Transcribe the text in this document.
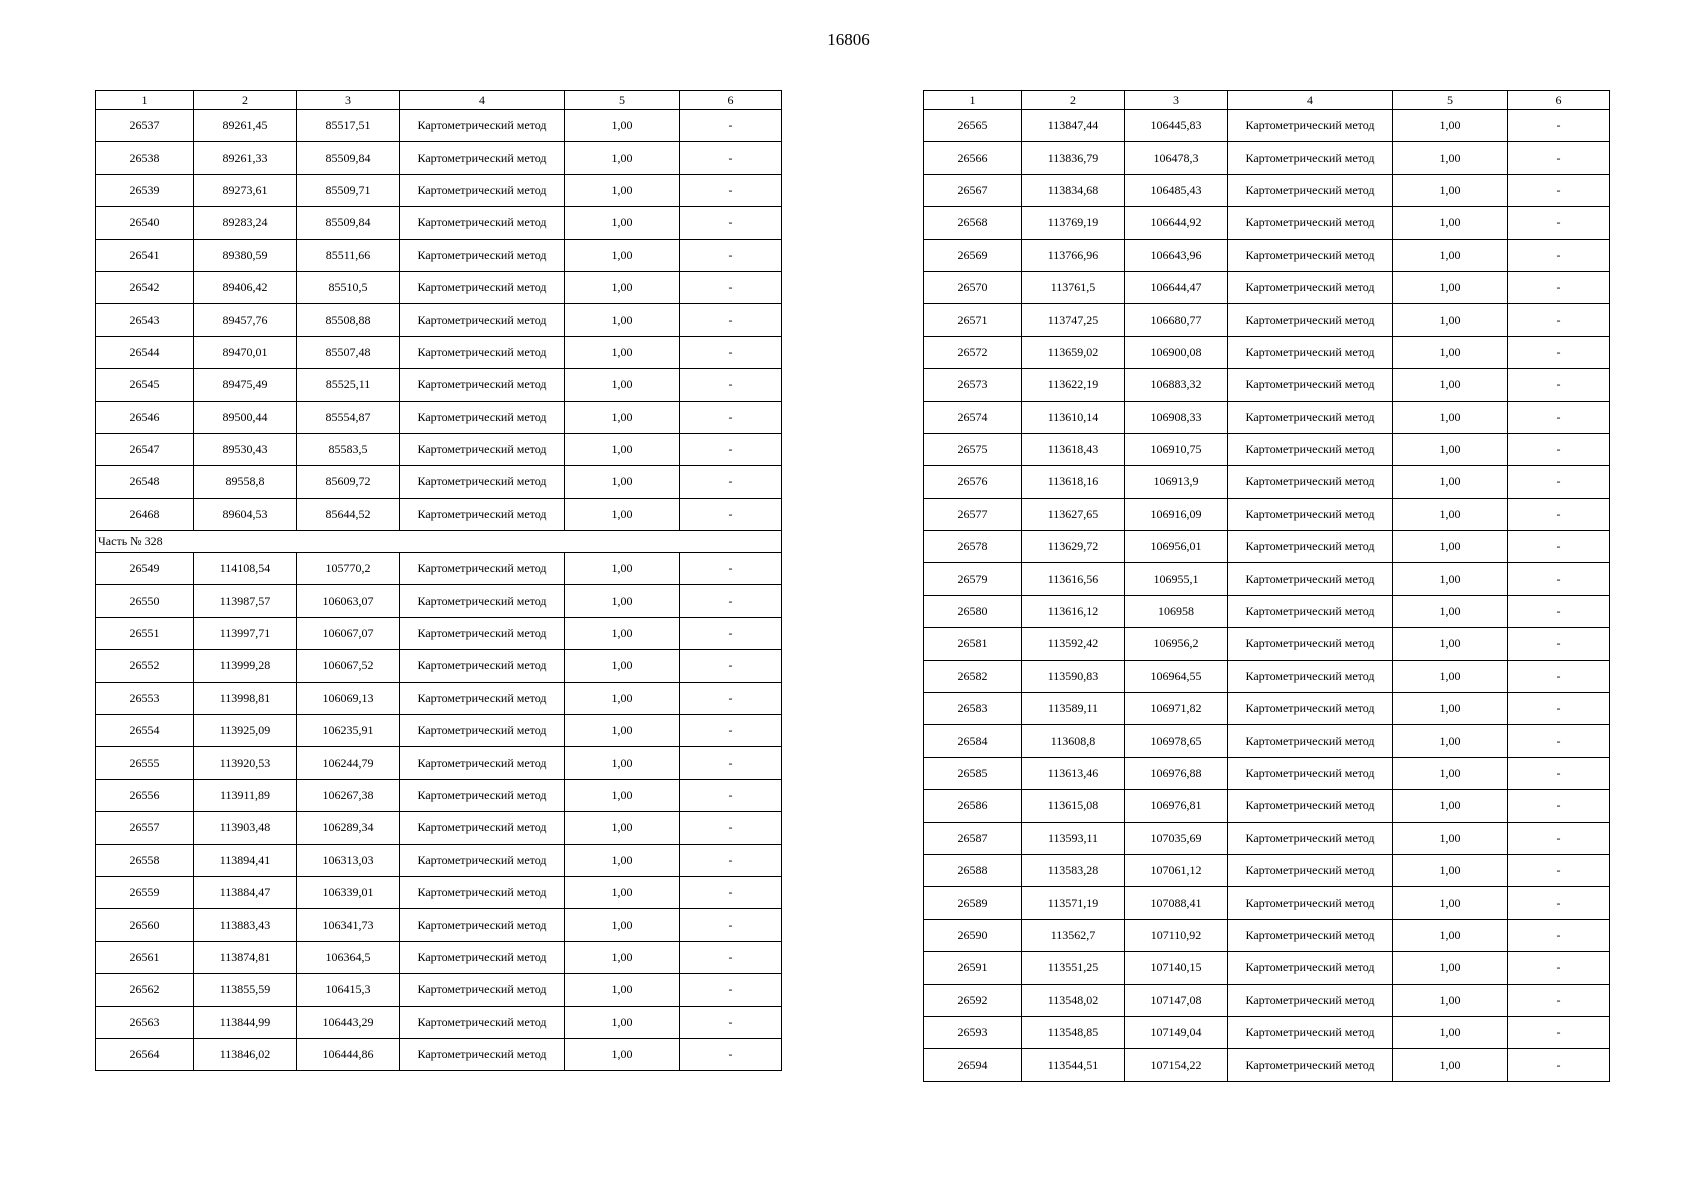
16806
1	2	3	4	5	6
26537	89261,45	85517,51	Картометрический метод	1,00	-
26538	89261,33	85509,84	Картометрический метод	1,00	-
26539	89273,61	85509,71	Картометрический метод	1,00	-
26540	89283,24	85509,84	Картометрический метод	1,00	-
26541	89380,59	85511,66	Картометрический метод	1,00	-
26542	89406,42	85510,5	Картометрический метод	1,00	-
26543	89457,76	85508,88	Картометрический метод	1,00	-
26544	89470,01	85507,48	Картометрический метод	1,00	-
26545	89475,49	85525,11	Картометрический метод	1,00	-
26546	89500,44	85554,87	Картометрический метод	1,00	-
26547	89530,43	85583,5	Картометрический метод	1,00	-
26548	89558,8	85609,72	Картометрический метод	1,00	-
26468	89604,53	85644,52	Картометрический метод	1,00	-
Часть № 328					
26549	114108,54	105770,2	Картометрический метод	1,00	-
26550	113987,57	106063,07	Картометрический метод	1,00	-
26551	113997,71	106067,07	Картометрический метод	1,00	-
26552	113999,28	106067,52	Картометрический метод	1,00	-
26553	113998,81	106069,13	Картометрический метод	1,00	-
26554	113925,09	106235,91	Картометрический метод	1,00	-
26555	113920,53	106244,79	Картометрический метод	1,00	-
26556	113911,89	106267,38	Картометрический метод	1,00	-
26557	113903,48	106289,34	Картометрический метод	1,00	-
26558	113894,41	106313,03	Картометрический метод	1,00	-
26559	113884,47	106339,01	Картометрический метод	1,00	-
26560	113883,43	106341,73	Картометрический метод	1,00	-
26561	113874,81	106364,5	Картометрический метод	1,00	-
26562	113855,59	106415,3	Картометрический метод	1,00	-
26563	113844,99	106443,29	Картометрический метод	1,00	-
26564	113846,02	106444,86	Картометрический метод	1,00	-
1	2	3	4	5	6
26565	113847,44	106445,83	Картометрический метод	1,00	-
26566	113836,79	106478,3	Картометрический метод	1,00	-
26567	113834,68	106485,43	Картометрический метод	1,00	-
26568	113769,19	106644,92	Картометрический метод	1,00	-
26569	113766,96	106643,96	Картометрический метод	1,00	-
26570	113761,5	106644,47	Картометрический метод	1,00	-
26571	113747,25	106680,77	Картометрический метод	1,00	-
26572	113659,02	106900,08	Картометрический метод	1,00	-
26573	113622,19	106883,32	Картометрический метод	1,00	-
26574	113610,14	106908,33	Картометрический метод	1,00	-
26575	113618,43	106910,75	Картометрический метод	1,00	-
26576	113618,16	106913,9	Картометрический метод	1,00	-
26577	113627,65	106916,09	Картометрический метод	1,00	-
26578	113629,72	106956,01	Картометрический метод	1,00	-
26579	113616,56	106955,1	Картометрический метод	1,00	-
26580	113616,12	106958	Картометрический метод	1,00	-
26581	113592,42	106956,2	Картометрический метод	1,00	-
26582	113590,83	106964,55	Картометрический метод	1,00	-
26583	113589,11	106971,82	Картометрический метод	1,00	-
26584	113608,8	106978,65	Картометрический метод	1,00	-
26585	113613,46	106976,88	Картометрический метод	1,00	-
26586	113615,08	106976,81	Картометрический метод	1,00	-
26587	113593,11	107035,69	Картометрический метод	1,00	-
26588	113583,28	107061,12	Картометрический метод	1,00	-
26589	113571,19	107088,41	Картометрический метод	1,00	-
26590	113562,7	107110,92	Картометрический метод	1,00	-
26591	113551,25	107140,15	Картометрический метод	1,00	-
26592	113548,02	107147,08	Картометрический метод	1,00	-
26593	113548,85	107149,04	Картометрический метод	1,00	-
26594	113544,51	107154,22	Картометрический метод	1,00	-
